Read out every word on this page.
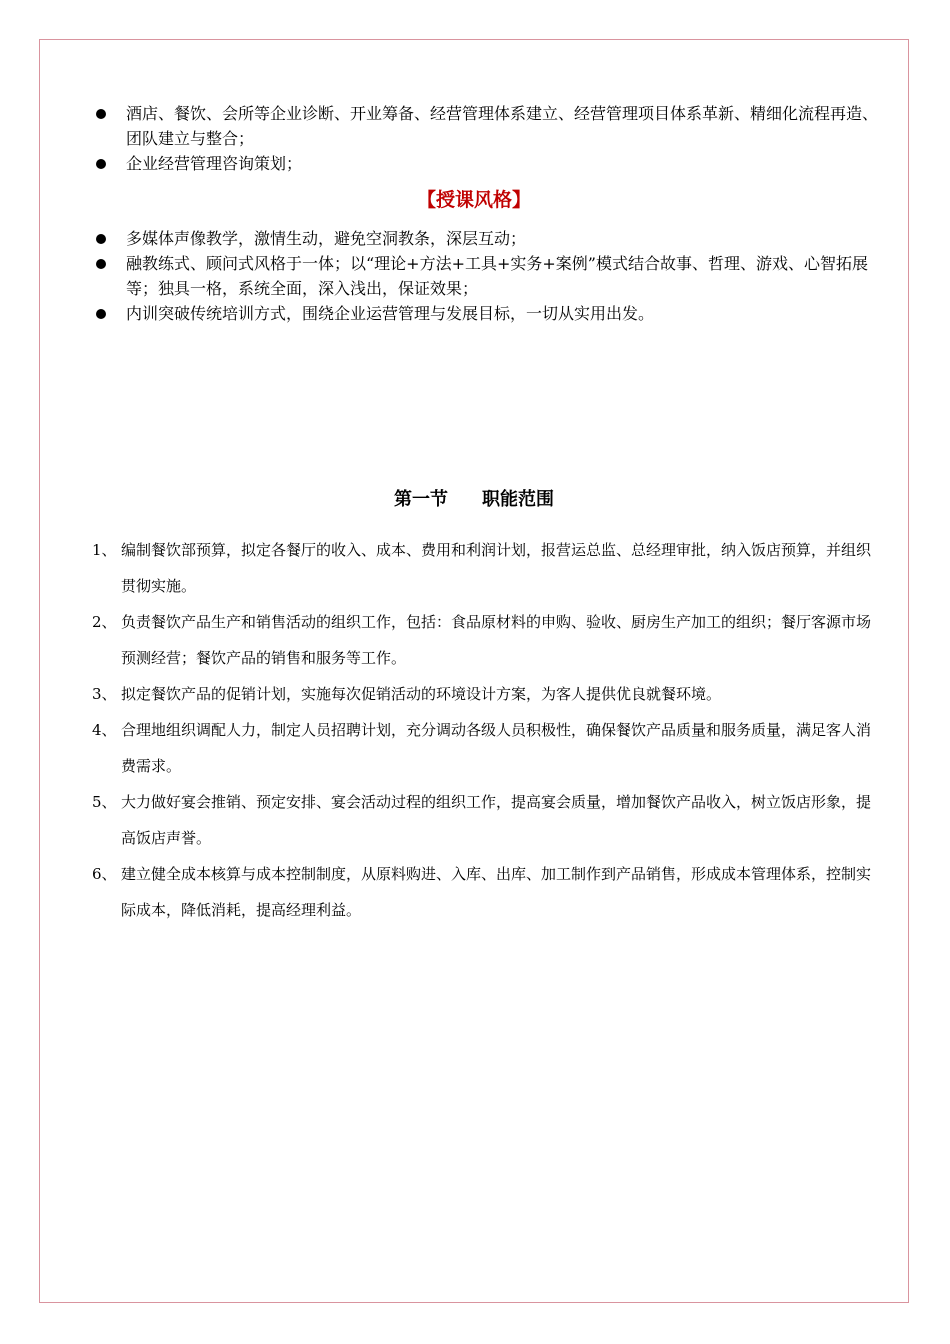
酒店、餐饮、会所等企业诊断、开业筹备、经营管理体系建立、经营管理项目体系革新、精细化流程再造、团队建立与整合；
企业经营管理咨询策划；
【授课风格】
多媒体声像教学，激情生动，避免空洞教条，深层互动；
融教练式、顾问式风格于一体；以“理论+方法+工具+实务+案例”模式结合故事、哲理、游戏、心智拓展等；独具一格，系统全面，深入浅出，保证效果；
内训突破传统培训方式，围绕企业运营管理与发展目标，一切从实用出发。
第一节 职能范围
1、 编制餐饮部预算，拟定各餐厅的收入、成本、费用和利润计划，报营运总监、总经理审批，纳入饭店预算，并组织贯彻实施。
2、 负责餐饮产品生产和销售活动的组织工作，包括：食品原材料的申购、验收、厨房生产加工的组织；餐厅客源市场预测经营；餐饮产品的销售和服务等工作。
3、 拟定餐饮产品的促销计划，实施每次促销活动的环境设计方案，为客人提供优良就餐环境。
4、 合理地组织调配人力，制定人员招聘计划，充分调动各级人员积极性，确保餐饮产品质量和服务质量，满足客人消费需求。
5、 大力做好宴会推销、预定安排、宴会活动过程的组织工作，提高宴会质量，增加餐饮产品收入，树立饭店形象，提高饭店声誉。
6、 建立健全成本核算与成本控制制度，从原料购进、入库、出库、加工制作到产品销售，形成成本管理体系，控制实际成本，降低消耗，提高经理利益。
